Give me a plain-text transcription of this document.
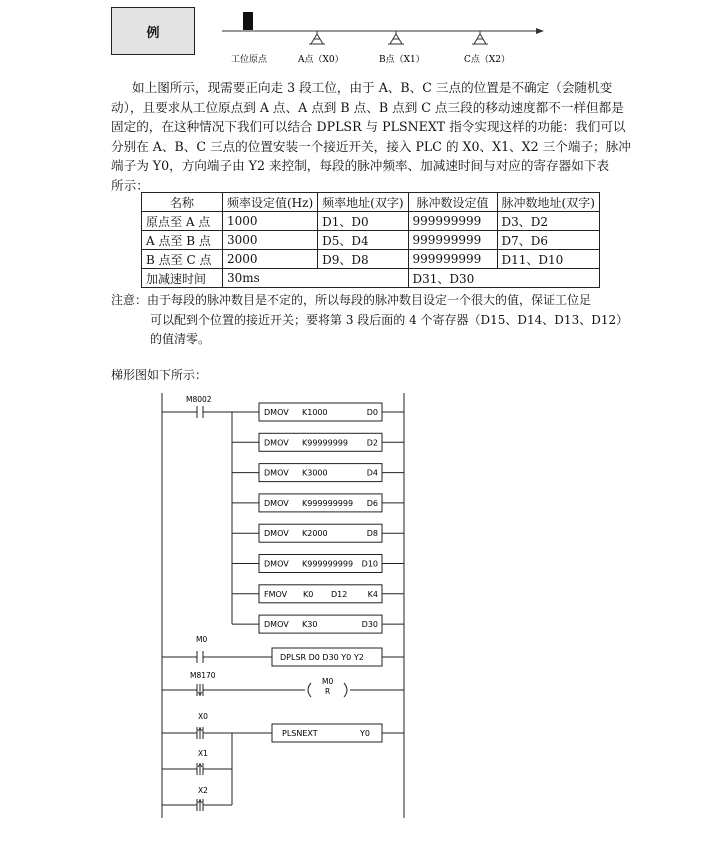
例
工位原点	A点（X0）	B点（X1）	C点（X2）
如上图所示，现需要正向走 3 段工位，由于 A、B、C 三点的位置是不确定（会随机变
动），且要求从工位原点到 A 点、A 点到 B 点、B 点到 C 点三段的移动速度都不一样但都是
固定的，在这种情况下我们可以结合 DPLSR 与 PLSNEXT 指令实现这样的功能：我们可以
分别在 A、B、C 三点的位置安装一个接近开关，接入 PLC 的 X0、X1、X2 三个端子；脉冲
端子为 Y0，方向端子由 Y2 来控制，每段的脉冲频率、加减速时间与对应的寄存器如下表
所示：
名称	频率设定值(Hz)	频率地址(双字)	脉冲数设定值	脉冲数地址(双字)
原点至 A 点	1000	D1、D0	999999999	D3、D2
A 点至 B 点	3000	D5、D4	999999999	D7、D6
B 点至 C 点	2000	D9、D8	999999999	D11、D10
加减速时间	30ms		D31、D30	
注意： 由于每段的脉冲数目是不定的，所以每段的脉冲数目设定一个很大的值，保证工位足
可以配到个位置的接近开关；要将第 3 段后面的 4 个寄存器（D15、D14、D13、D12）
的值清零。
梯形图如下所示：
M8002
DMOV K1000	D0
DMOV K99999999 D2
DMOV K3000	D4
DMOV K999999999 D6
DMOV K2000	D8
DMOV K999999999 D10
FMOV K0 D12	K4
DMOV K30	D30
M0
DPLSR D0 D30 Y0 Y2
M8170
M0
R
X0
PLSNEXT	Y0
X1
X2
